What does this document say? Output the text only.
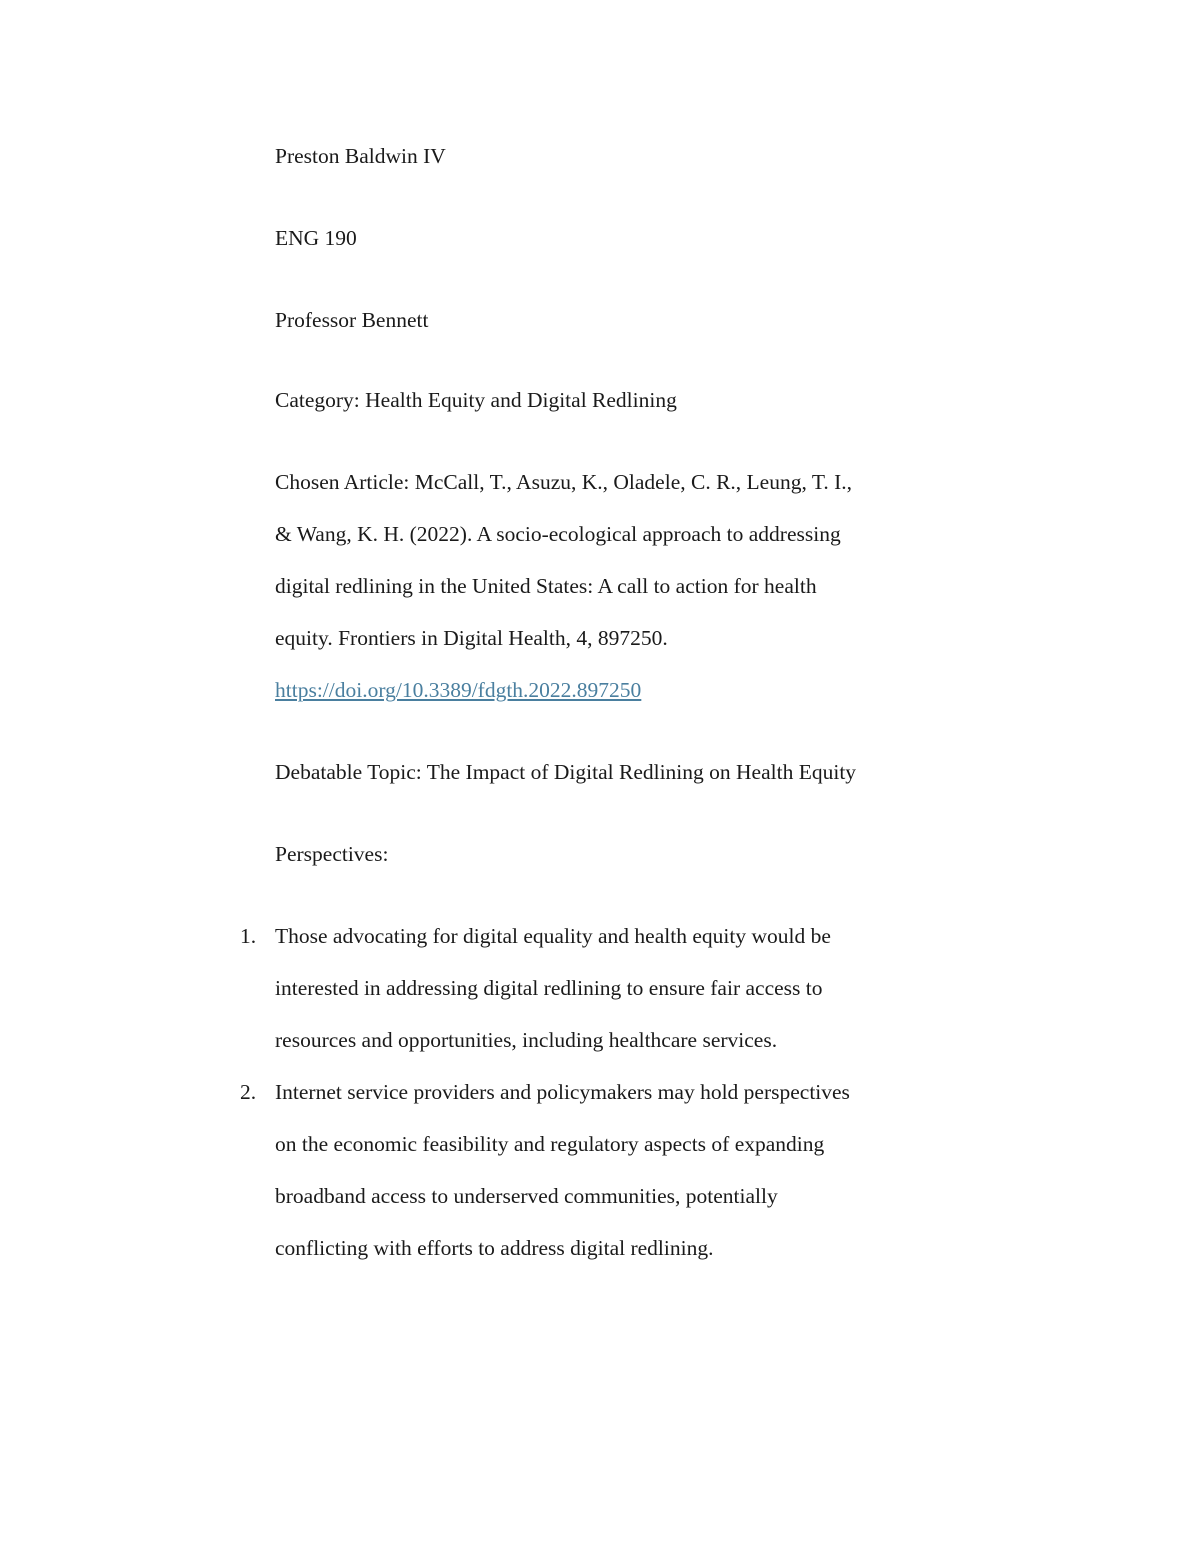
Preston Baldwin IV

ENG 190

Professor Bennett

Category: Health Equity and Digital Redlining

Chosen Article: McCall, T., Asuzu, K., Oladele, C. R., Leung, T. I.,

& Wang, K. H. (2022). A socio-ecological approach to addressing

digital redlining in the United States: A call to action for health

equity. Frontiers in Digital Health, 4, 897250.

https://doi.org/10.3389/fdgth.2022.897250

Debatable Topic: The Impact of Digital Redlining on Health Equity

Perspectives:

1. Those advocating for digital equality and health equity would be

interested in addressing digital redlining to ensure fair access to

resources and opportunities, including healthcare services.

2. Internet service providers and policymakers may hold perspectives

on the economic feasibility and regulatory aspects of expanding

broadband access to underserved communities, potentially

conflicting with efforts to address digital redlining.
